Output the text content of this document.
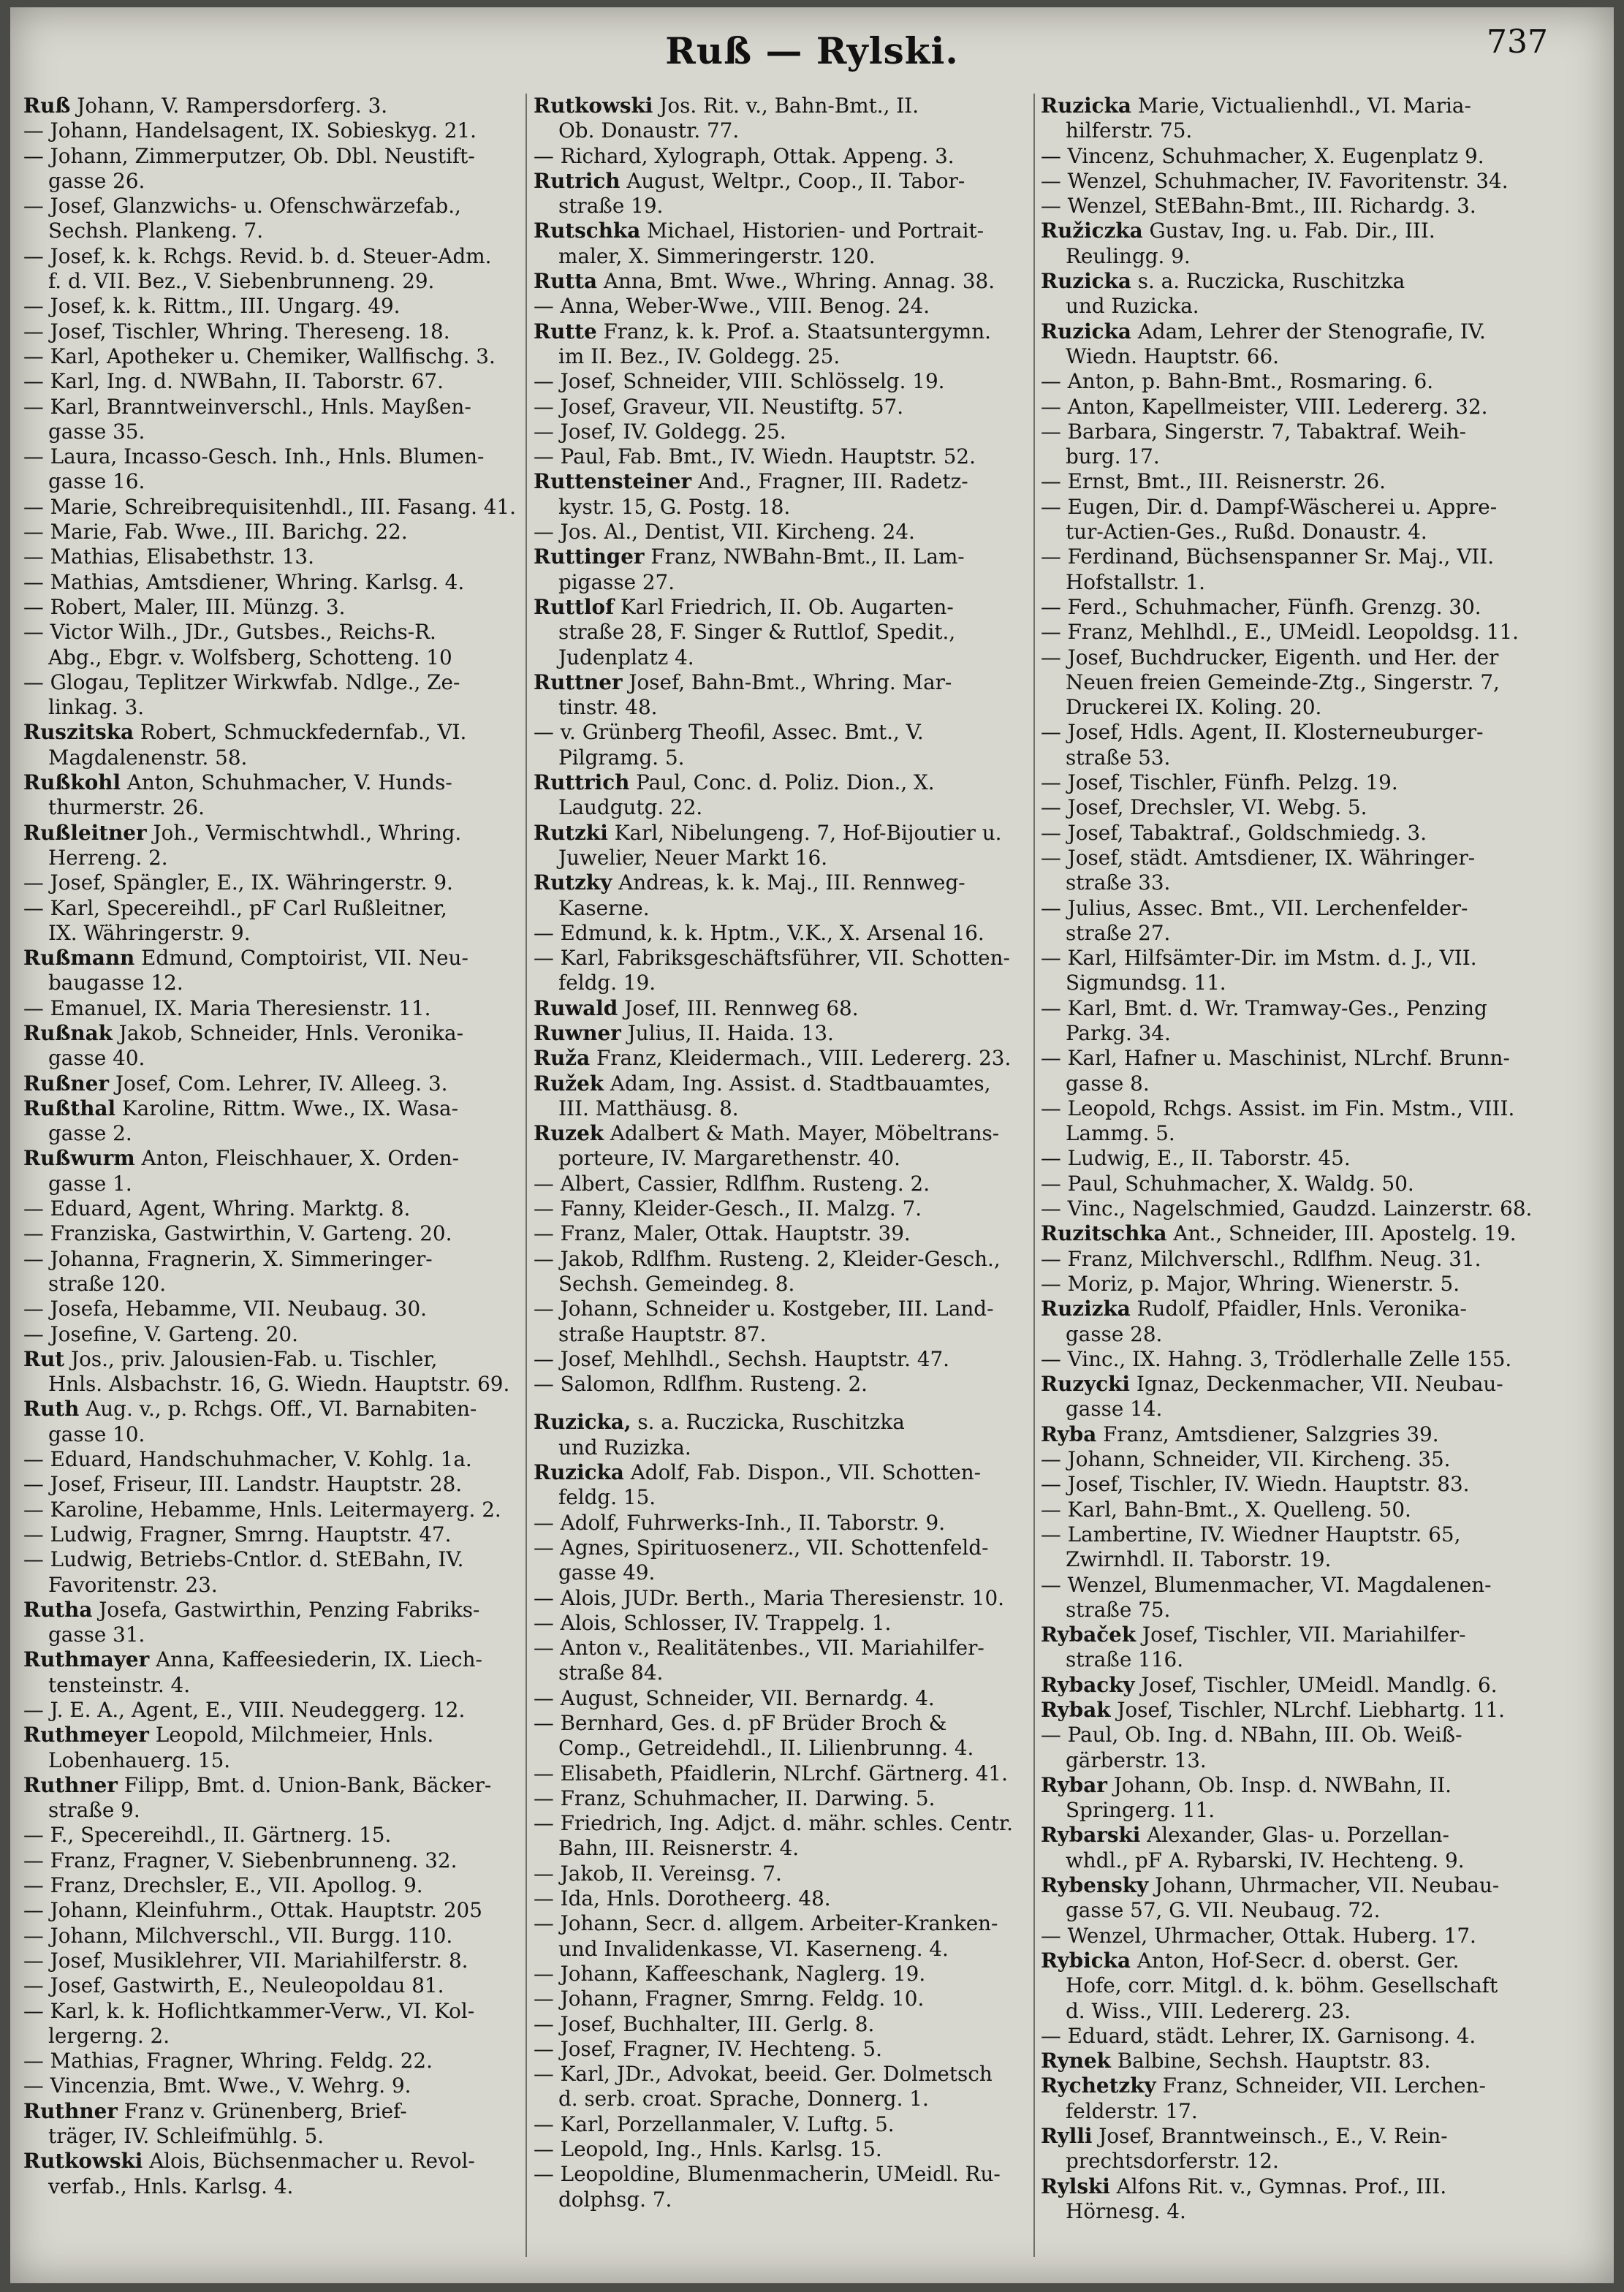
Ruß — Rylski.	737
Ruß Johann, V. Rampersdorferg. 3.
— Johann, Handelsagent, IX. Sobieskyg. 21.
— Johann, Zimmerputzer, Ob. Dbl. Neustift-
gasse 26.
— Josef, Glanzwichs- u. Ofenschwärzefab.,
Sechsh. Plankeng. 7.
— Josef, k. k. Rchgs. Revid. b. d. Steuer-Adm.
f. d. VII. Bez., V. Siebenbrunneng. 29.
— Josef, k. k. Rittm., III. Ungarg. 49.
— Josef, Tischler, Whring. Thereseng. 18.
— Karl, Apotheker u. Chemiker, Wallfischg. 3.
— Karl, Ing. d. NWBahn, II. Taborstr. 67.
— Karl, Branntweinverschl., Hnls. Mayßen-
gasse 35.
— Laura, Incasso-Gesch. Inh., Hnls. Blumen-
gasse 16.
— Marie, Schreibrequisitenhdl., III. Fasang. 41.
— Marie, Fab. Wwe., III. Barichg. 22.
— Mathias, Elisabethstr. 13.
— Mathias, Amtsdiener, Whring. Karlsg. 4.
— Robert, Maler, III. Münzg. 3.
— Victor Wilh., JDr., Gutsbes., Reichs-R.
Abg., Ebgr. v. Wolfsberg, Schotteng. 10
— Glogau, Teplitzer Wirkwfab. Ndlge., Ze-
linkag. 3.
Ruszitska Robert, Schmuckfedernfab., VI.
Magdalenenstr. 58.
Rußkohl Anton, Schuhmacher, V. Hunds-
thurmerstr. 26.
Rußleitner Joh., Vermischtwhdl., Whring.
Herreng. 2.
— Josef, Spängler, E., IX. Währingerstr. 9.
— Karl, Specereihdl., pF Carl Rußleitner,
IX. Währingerstr. 9.
Rußmann Edmund, Comptoirist, VII. Neu-
baugasse 12.
— Emanuel, IX. Maria Theresienstr. 11.
Rußnak Jakob, Schneider, Hnls. Veronika-
gasse 40.
Rußner Josef, Com. Lehrer, IV. Alleeg. 3.
Rußthal Karoline, Rittm. Wwe., IX. Wasa-
gasse 2.
Rußwurm Anton, Fleischhauer, X. Orden-
gasse 1.
— Eduard, Agent, Whring. Marktg. 8.
— Franziska, Gastwirthin, V. Garteng. 20.
— Johanna, Fragnerin, X. Simmeringer-
straße 120.
— Josefa, Hebamme, VII. Neubaug. 30.
— Josefine, V. Garteng. 20.
Rut Jos., priv. Jalousien-Fab. u. Tischler,
Hnls. Alsbachstr. 16, G. Wiedn. Hauptstr. 69.
Ruth Aug. v., p. Rchgs. Off., VI. Barnabiten-
gasse 10.
— Eduard, Handschuhmacher, V. Kohlg. 1a.
— Josef, Friseur, III. Landstr. Hauptstr. 28.
— Karoline, Hebamme, Hnls. Leitermayerg. 2.
— Ludwig, Fragner, Smrng. Hauptstr. 47.
— Ludwig, Betriebs-Cntlor. d. StEBahn, IV.
Favoritenstr. 23.
Rutha Josefa, Gastwirthin, Penzing Fabriks-
gasse 31.
Ruthmayer Anna, Kaffeesiederin, IX. Liech-
tensteinstr. 4.
— J. E. A., Agent, E., VIII. Neudeggerg. 12.
Ruthmeyer Leopold, Milchmeier, Hnls.
Lobenhauerg. 15.
Ruthner Filipp, Bmt. d. Union-Bank, Bäcker-
straße 9.
— F., Specereihdl., II. Gärtnerg. 15.
— Franz, Fragner, V. Siebenbrunneng. 32.
— Franz, Drechsler, E., VII. Apollog. 9.
— Johann, Kleinfuhrm., Ottak. Hauptstr. 205
— Johann, Milchverschl., VII. Burgg. 110.
— Josef, Musiklehrer, VII. Mariahilferstr. 8.
— Josef, Gastwirth, E., Neuleopoldau 81.
— Karl, k. k. Hoflichtkammer-Verw., VI. Kol-
lergerng. 2.
— Mathias, Fragner, Whring. Feldg. 22.
— Vincenzia, Bmt. Wwe., V. Wehrg. 9.
Ruthner Franz v. Grünenberg, Brief-
träger, IV. Schleifmühlg. 5.
Rutkowski Alois, Büchsenmacher u. Revol-
verfab., Hnls. Karlsg. 4.
Rutkowski Jos. Rit. v., Bahn-Bmt., II.
Ob. Donaustr. 77.
— Richard, Xylograph, Ottak. Appeng. 3.
Rutrich August, Weltpr., Coop., II. Tabor-
straße 19.
Rutschka Michael, Historien- und Portrait-
maler, X. Simmeringerstr. 120.
Rutta Anna, Bmt. Wwe., Whring. Annag. 38.
— Anna, Weber-Wwe., VIII. Benog. 24.
Rutte Franz, k. k. Prof. a. Staatsuntergymn.
im II. Bez., IV. Goldegg. 25.
— Josef, Schneider, VIII. Schlösselg. 19.
— Josef, Graveur, VII. Neustiftg. 57.
— Josef, IV. Goldegg. 25.
— Paul, Fab. Bmt., IV. Wiedn. Hauptstr. 52.
Ruttensteiner And., Fragner, III. Radetz-
kystr. 15, G. Postg. 18.
— Jos. Al., Dentist, VII. Kircheng. 24.
Ruttinger Franz, NWBahn-Bmt., II. Lam-
pigasse 27.
Ruttlof Karl Friedrich, II. Ob. Augarten-
straße 28, F. Singer & Ruttlof, Spedit.,
Judenplatz 4.
Ruttner Josef, Bahn-Bmt., Whring. Mar-
tinstr. 48.
— v. Grünberg Theofil, Assec. Bmt., V.
Pilgramg. 5.
Ruttrich Paul, Conc. d. Poliz. Dion., X.
Laudgutg. 22.
Rutzki Karl, Nibelungeng. 7, Hof-Bijoutier u.
Juwelier, Neuer Markt 16.
Rutzky Andreas, k. k. Maj., III. Rennweg-
Kaserne.
— Edmund, k. k. Hptm., V.K., X. Arsenal 16.
— Karl, Fabriksgeschäftsführer, VII. Schotten-
feldg. 19.
Ruwald Josef, III. Rennweg 68.
Ruwner Julius, II. Haida. 13.
Ruža Franz, Kleidermach., VIII. Ledererg. 23.
Ružek Adam, Ing. Assist. d. Stadtbauamtes,
III. Matthäusg. 8.
Ruzek Adalbert & Math. Mayer, Möbeltrans-
porteure, IV. Margarethenstr. 40.
— Albert, Cassier, Rdlfhm. Rusteng. 2.
— Fanny, Kleider-Gesch., II. Malzg. 7.
— Franz, Maler, Ottak. Hauptstr. 39.
— Jakob, Rdlfhm. Rusteng. 2, Kleider-Gesch.,
Sechsh. Gemeindeg. 8.
— Johann, Schneider u. Kostgeber, III. Land-
straße Hauptstr. 87.
— Josef, Mehlhdl., Sechsh. Hauptstr. 47.
— Salomon, Rdlfhm. Rusteng. 2.
Ruzicka, s. a. Ruczicka, Ruschitzka
und Ruzizka.
Ruzicka Adolf, Fab. Dispon., VII. Schotten-
feldg. 15.
— Adolf, Fuhrwerks-Inh., II. Taborstr. 9.
— Agnes, Spirituosenerz., VII. Schottenfeld-
gasse 49.
— Alois, JUDr. Berth., Maria Theresienstr. 10.
— Alois, Schlosser, IV. Trappelg. 1.
— Anton v., Realitätenbes., VII. Mariahilfer-
straße 84.
— August, Schneider, VII. Bernardg. 4.
— Bernhard, Ges. d. pF Brüder Broch &
Comp., Getreidehdl., II. Lilienbrunng. 4.
— Elisabeth, Pfaidlerin, NLrchf. Gärtnerg. 41.
— Franz, Schuhmacher, II. Darwing. 5.
— Friedrich, Ing. Adjct. d. mähr. schles. Centr.
Bahn, III. Reisnerstr. 4.
— Jakob, II. Vereinsg. 7.
— Ida, Hnls. Dorotheerg. 48.
— Johann, Secr. d. allgem. Arbeiter-Kranken-
und Invalidenkasse, VI. Kaserneng. 4.
— Johann, Kaffeeschank, Naglerg. 19.
— Johann, Fragner, Smrng. Feldg. 10.
— Josef, Buchhalter, III. Gerlg. 8.
— Josef, Fragner, IV. Hechteng. 5.
— Karl, JDr., Advokat, beeid. Ger. Dolmetsch
d. serb. croat. Sprache, Donnerg. 1.
— Karl, Porzellanmaler, V. Luftg. 5.
— Leopold, Ing., Hnls. Karlsg. 15.
— Leopoldine, Blumenmacherin, UMeidl. Ru-
dolphsg. 7.
Ruzicka Marie, Victualienhdl., VI. Maria-
hilferstr. 75.
— Vincenz, Schuhmacher, X. Eugenplatz 9.
— Wenzel, Schuhmacher, IV. Favoritenstr. 34.
— Wenzel, StEBahn-Bmt., III. Richardg. 3.
Ružiczka Gustav, Ing. u. Fab. Dir., III.
Reulingg. 9.
Ruzicka s. a. Ruczicka, Ruschitzka
und Ruzicka.
Ruzicka Adam, Lehrer der Stenografie, IV.
Wiedn. Hauptstr. 66.
— Anton, p. Bahn-Bmt., Rosmaring. 6.
— Anton, Kapellmeister, VIII. Ledererg. 32.
— Barbara, Singerstr. 7, Tabaktraf. Weih-
burg. 17.
— Ernst, Bmt., III. Reisnerstr. 26.
— Eugen, Dir. d. Dampf-Wäscherei u. Appre-
tur-Actien-Ges., Rußd. Donaustr. 4.
— Ferdinand, Büchsenspanner Sr. Maj., VII.
Hofstallstr. 1.
— Ferd., Schuhmacher, Fünfh. Grenzg. 30.
— Franz, Mehlhdl., E., UMeidl. Leopoldsg. 11.
— Josef, Buchdrucker, Eigenth. und Her. der
Neuen freien Gemeinde-Ztg., Singerstr. 7,
Druckerei IX. Koling. 20.
— Josef, Hdls. Agent, II. Klosterneuburger-
straße 53.
— Josef, Tischler, Fünfh. Pelzg. 19.
— Josef, Drechsler, VI. Webg. 5.
— Josef, Tabaktraf., Goldschmiedg. 3.
— Josef, städt. Amtsdiener, IX. Währinger-
straße 33.
— Julius, Assec. Bmt., VII. Lerchenfelder-
straße 27.
— Karl, Hilfsämter-Dir. im Mstm. d. J., VII.
Sigmundsg. 11.
— Karl, Bmt. d. Wr. Tramway-Ges., Penzing
Parkg. 34.
— Karl, Hafner u. Maschinist, NLrchf. Brunn-
gasse 8.
— Leopold, Rchgs. Assist. im Fin. Mstm., VIII.
Lammg. 5.
— Ludwig, E., II. Taborstr. 45.
— Paul, Schuhmacher, X. Waldg. 50.
— Vinc., Nagelschmied, Gaudzd. Lainzerstr. 68.
Ruzitschka Ant., Schneider, III. Apostelg. 19.
— Franz, Milchverschl., Rdlfhm. Neug. 31.
— Moriz, p. Major, Whring. Wienerstr. 5.
Ruzizka Rudolf, Pfaidler, Hnls. Veronika-
gasse 28.
— Vinc., IX. Hahng. 3, Trödlerhalle Zelle 155.
Ruzycki Ignaz, Deckenmacher, VII. Neubau-
gasse 14.
Ryba Franz, Amtsdiener, Salzgries 39.
— Johann, Schneider, VII. Kircheng. 35.
— Josef, Tischler, IV. Wiedn. Hauptstr. 83.
— Karl, Bahn-Bmt., X. Quelleng. 50.
— Lambertine, IV. Wiedner Hauptstr. 65,
Zwirnhdl. II. Taborstr. 19.
— Wenzel, Blumenmacher, VI. Magdalenen-
straße 75.
Rybaček Josef, Tischler, VII. Mariahilfer-
straße 116.
Rybacky Josef, Tischler, UMeidl. Mandlg. 6.
Rybak Josef, Tischler, NLrchf. Liebhartg. 11.
— Paul, Ob. Ing. d. NBahn, III. Ob. Weiß-
gärberstr. 13.
Rybar Johann, Ob. Insp. d. NWBahn, II.
Springerg. 11.
Rybarski Alexander, Glas- u. Porzellan-
whdl., pF A. Rybarski, IV. Hechteng. 9.
Rybensky Johann, Uhrmacher, VII. Neubau-
gasse 57, G. VII. Neubaug. 72.
— Wenzel, Uhrmacher, Ottak. Huberg. 17.
Rybicka Anton, Hof-Secr. d. oberst. Ger.
Hofe, corr. Mitgl. d. k. böhm. Gesellschaft
d. Wiss., VIII. Ledererg. 23.
— Eduard, städt. Lehrer, IX. Garnisong. 4.
Rynek Balbine, Sechsh. Hauptstr. 83.
Rychetzky Franz, Schneider, VII. Lerchen-
felderstr. 17.
Rylli Josef, Branntweinsch., E., V. Rein-
prechtsdorferstr. 12.
Rylski Alfons Rit. v., Gymnas. Prof., III.
Hörnesg. 4.
